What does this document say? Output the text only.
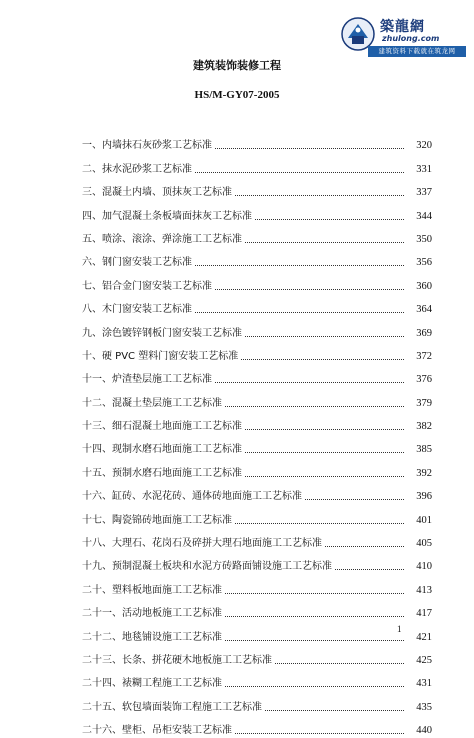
築龍網
zhulong.com
建筑资料下载就在筑龙网
建筑装饰装修工程
HS/M-GY07-2005
一、内墙抹石灰砂浆工艺标准	320
二、抹水泥砂浆工艺标准	331
三、混凝土内墙、顶抹灰工艺标准	337
四、加气混凝土条板墙面抹灰工艺标准	344
五、喷涂、滚涂、弹涂施工工艺标准	350
六、钢门窗安装工艺标准	356
七、铝合金门窗安装工艺标准	360
八、木门窗安装工艺标准	364
九、涂色镀锌钢板门窗安装工艺标准	369
十、硬 PVC 塑料门窗安装工艺标准	372
十一、炉渣垫层施工工艺标准	376
十二、混凝土垫层施工工艺标准	379
十三、细石混凝土地面施工工艺标准	382
十四、现制水磨石地面施工工艺标准	385
十五、预制水磨石地面施工工艺标准	392
十六、缸砖、水泥花砖、通体砖地面施工工艺标准	396
十七、陶瓷锦砖地面施工工艺标准	401
十八、大理石、花岗石及碎拼大理石地面施工工艺标准	405
十九、预制混凝土板块和水泥方砖路面铺设施工工艺标准	410
二十、塑料板地面施工工艺标准	413
二十一、活动地板施工工艺标准	417
二十二、地毯铺设施工工艺标准	421
二十三、长条、拼花硬木地板施工工艺标准	425
二十四、裱糊工程施工工艺标准	431
二十五、软包墙面装饰工程施工工艺标准	435
二十六、壁柜、吊柜安装工艺标准	440
1
